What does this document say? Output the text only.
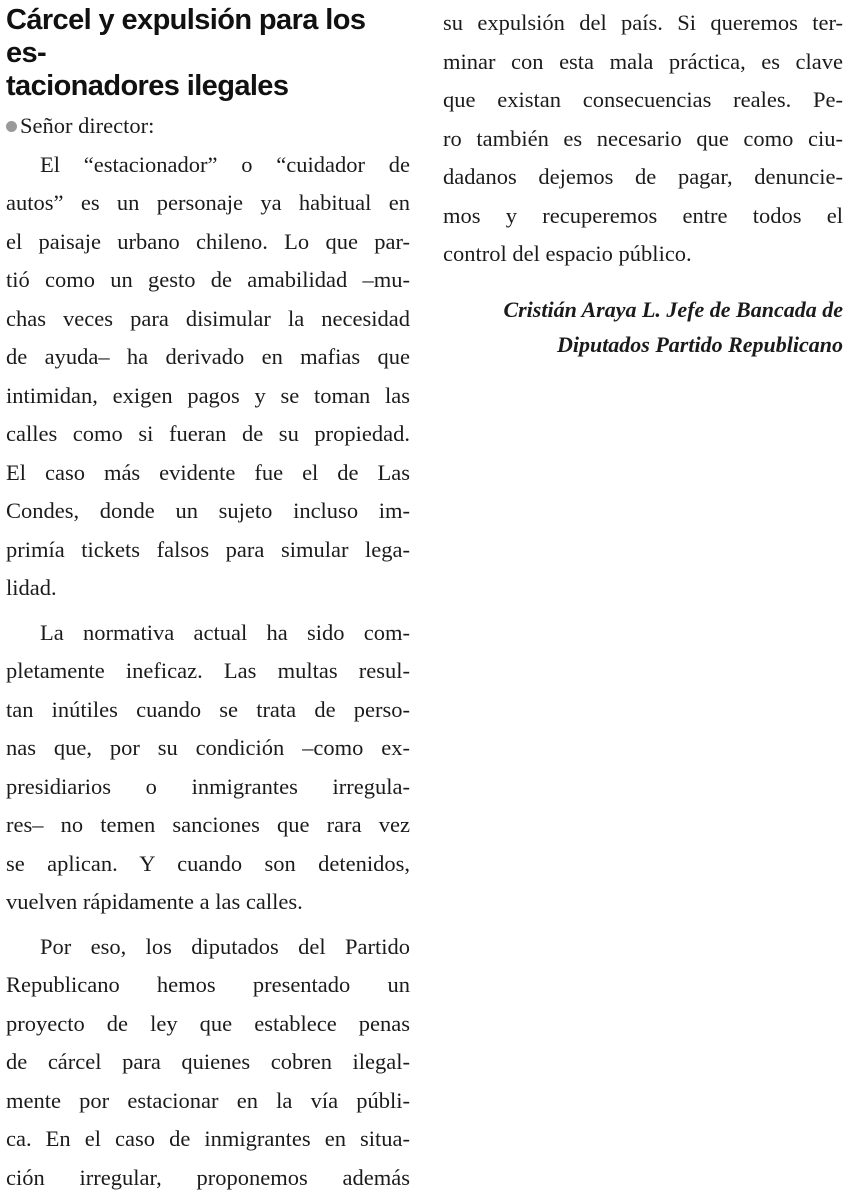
Cárcel y expulsión para los es-
tacionadores ilegales
Señor director:
El “estacionador” o “cuidador de
autos” es un personaje ya habitual en
el paisaje urbano chileno. Lo que par-
tió como un gesto de amabilidad –mu-
chas veces para disimular la necesidad
de ayuda– ha derivado en mafias que
intimidan, exigen pagos y se toman las
calles como si fueran de su propiedad.
El caso más evidente fue el de Las
Condes, donde un sujeto incluso im-
primía tickets falsos para simular lega-
lidad.
La normativa actual ha sido com-
pletamente ineficaz. Las multas resul-
tan inútiles cuando se trata de perso-
nas que, por su condición –como ex-
presidiarios o inmigrantes irregula-
res– no temen sanciones que rara vez
se aplican. Y cuando son detenidos,
vuelven rápidamente a las calles.
Por eso, los diputados del Partido
Republicano hemos presentado un
proyecto de ley que establece penas
de cárcel para quienes cobren ilegal-
mente por estacionar en la vía públi-
ca. En el caso de inmigrantes en situa-
ción irregular, proponemos además
su expulsión del país. Si queremos ter-
minar con esta mala práctica, es clave
que existan consecuencias reales. Pe-
ro también es necesario que como ciu-
dadanos dejemos de pagar, denuncie-
mos y recuperemos entre todos el
control del espacio público.
Cristián Araya L. Jefe de Bancada de
Diputados Partido Republicano
